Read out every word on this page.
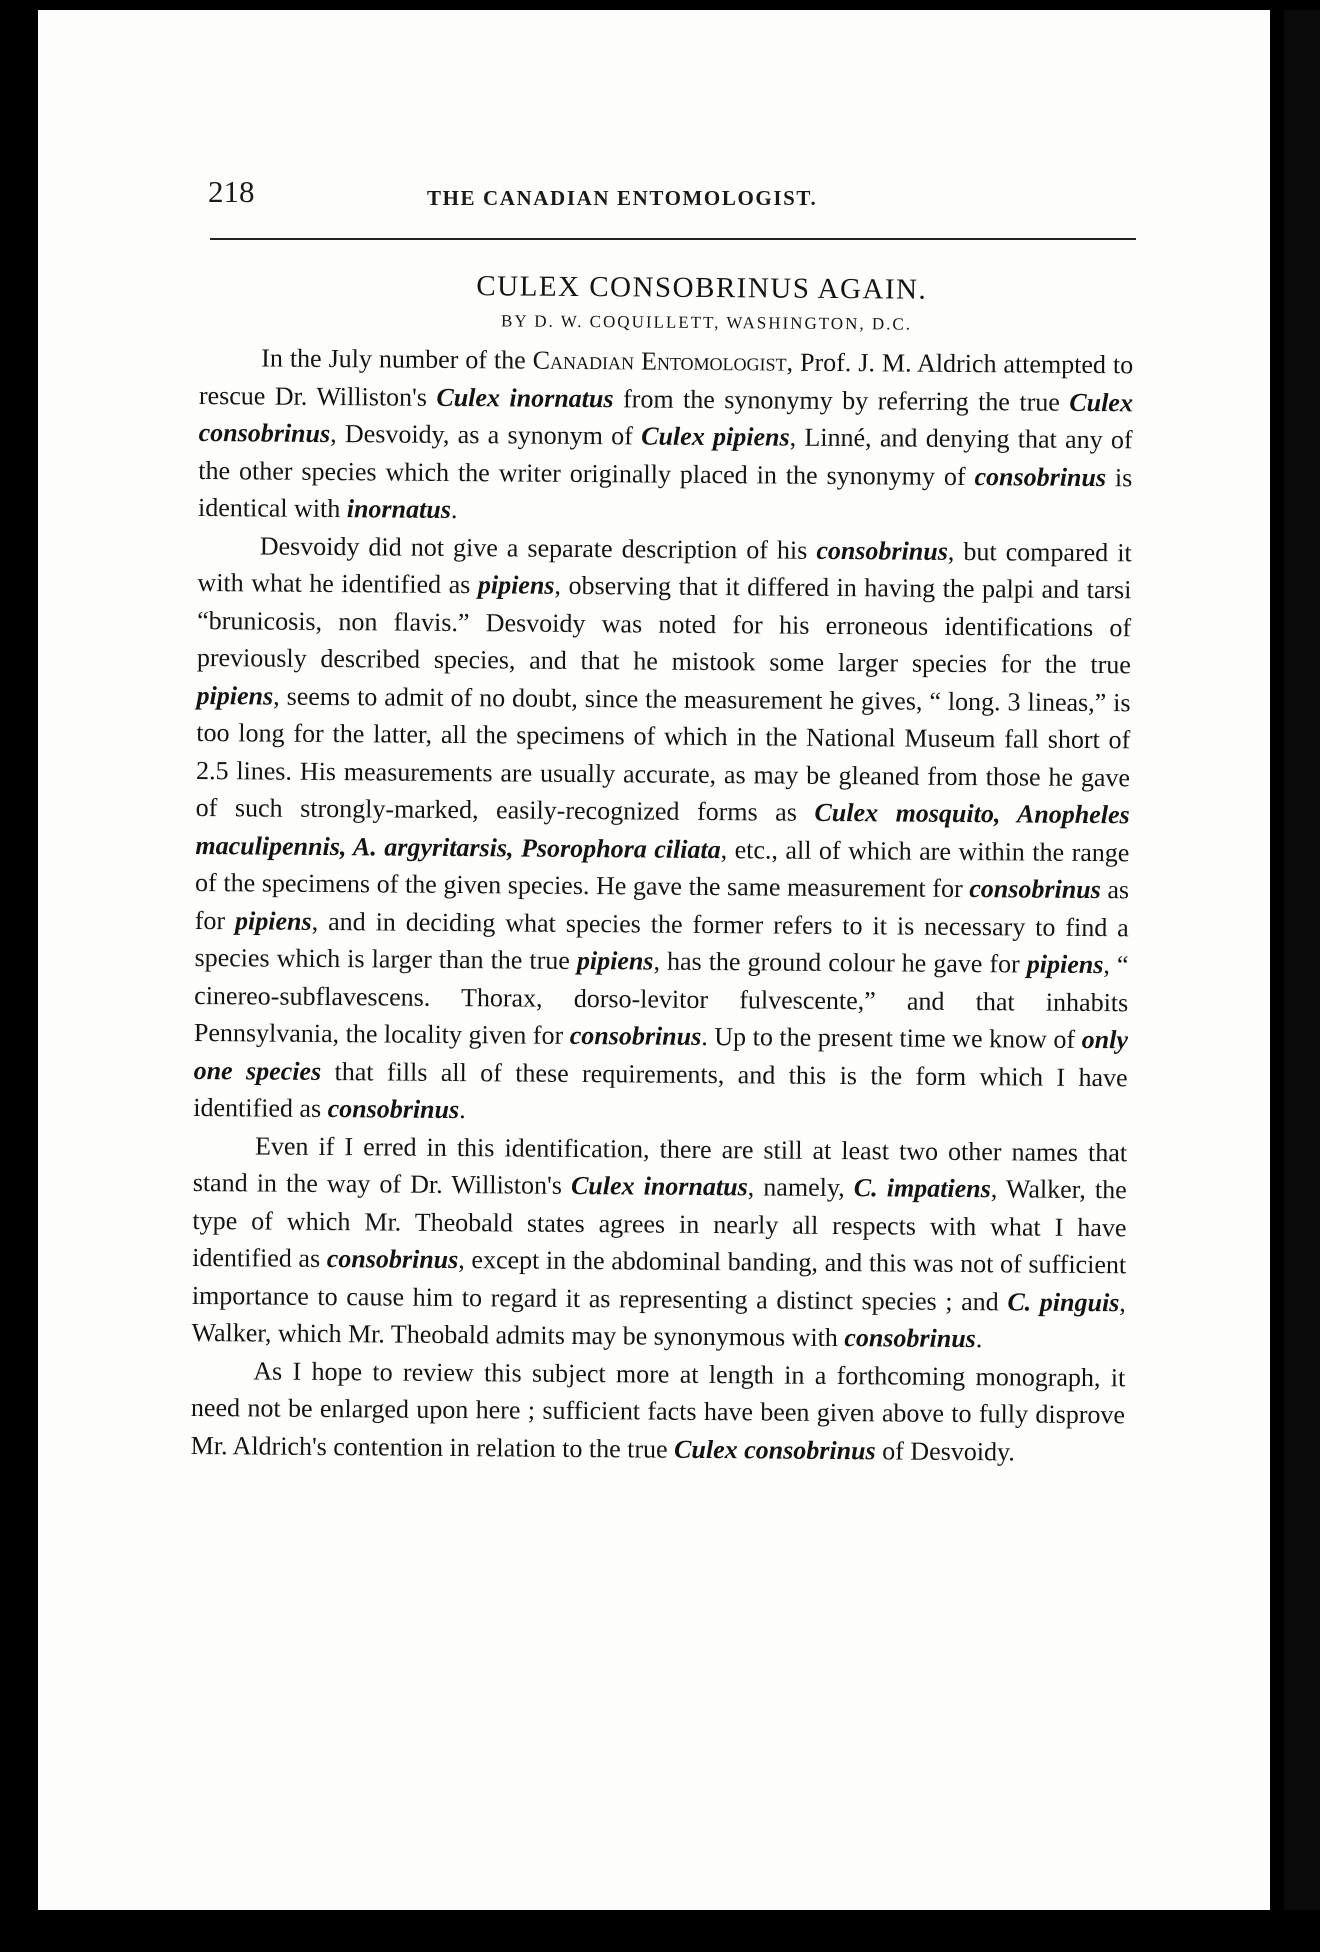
218	THE CANADIAN ENTOMOLOGIST.
CULEX CONSOBRINUS AGAIN.
BY D. W. COQUILLETT, WASHINGTON, D.C.

In the July number of the Canadian Entomologist, Prof. J. M. Aldrich attempted to rescue Dr. Williston's Culex inornatus from the synonymy by referring the true Culex consobrinus, Desvoidy, as a synonym of Culex pipiens, Linné, and denying that any of the other species which the writer originally placed in the synonymy of consobrinus is identical with inornatus.

Desvoidy did not give a separate description of his consobrinus, but compared it with what he identified as pipiens, observing that it differed in having the palpi and tarsi “brunicosis, non flavis.” Desvoidy was noted for his erroneous identifications of previously described species, and that he mistook some larger species for the true pipiens, seems to admit of no doubt, since the measurement he gives, “ long. 3 lineas,” is too long for the latter, all the specimens of which in the National Museum fall short of 2.5 lines. His measurements are usually accurate, as may be gleaned from those he gave of such strongly-marked, easily-recognized forms as Culex mosquito, Anopheles maculipennis, A. argyritarsis, Psorophora ciliata, etc., all of which are within the range of the specimens of the given species. He gave the same measurement for consobrinus as for pipiens, and in deciding what species the former refers to it is necessary to find a species which is larger than the true pipiens, has the ground colour he gave for pipiens, “ cinereo-subflavescens. Thorax, dorso-levitor fulvescente,” and that inhabits Pennsylvania, the locality given for consobrinus. Up to the present time we know of only one species that fills all of these requirements, and this is the form which I have identified as consobrinus.

Even if I erred in this identification, there are still at least two other names that stand in the way of Dr. Williston's Culex inornatus, namely, C. impatiens, Walker, the type of which Mr. Theobald states agrees in nearly all respects with what I have identified as consobrinus, except in the abdominal banding, and this was not of sufficient importance to cause him to regard it as representing a distinct species ; and C. pinguis, Walker, which Mr. Theobald admits may be synonymous with consobrinus.

As I hope to review this subject more at length in a forthcoming monograph, it need not be enlarged upon here ; sufficient facts have been given above to fully disprove Mr. Aldrich's contention in relation to the true Culex consobrinus of Desvoidy.
